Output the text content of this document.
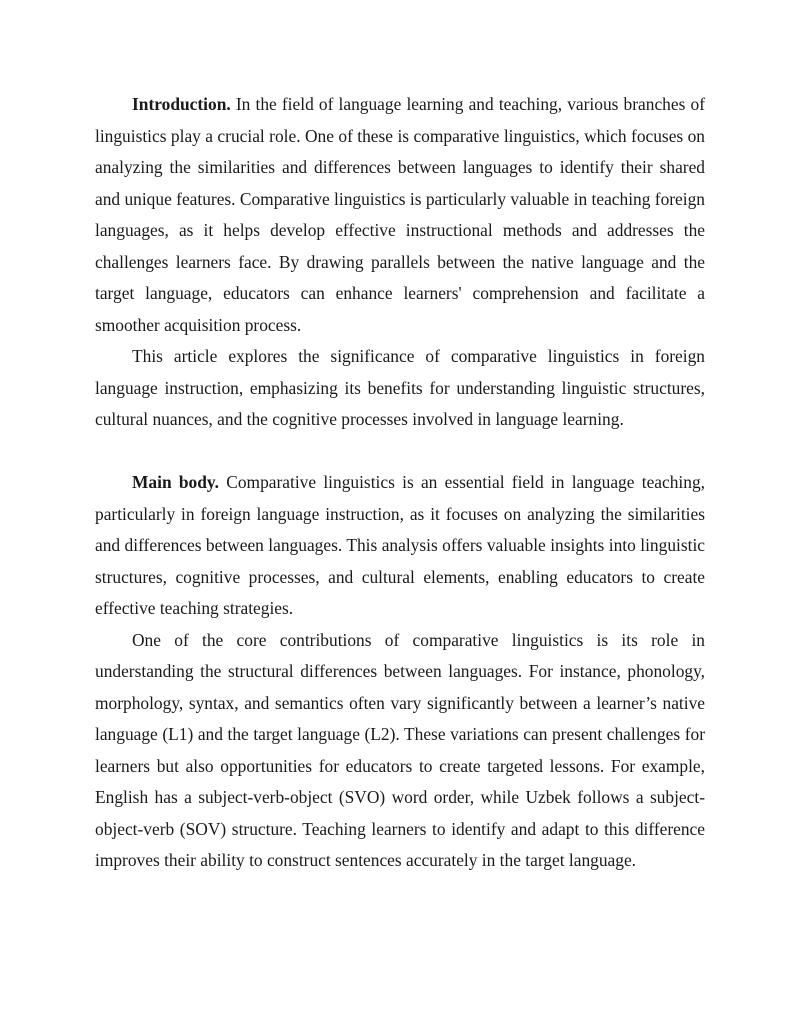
Introduction. In the field of language learning and teaching, various branches of linguistics play a crucial role. One of these is comparative linguistics, which focuses on analyzing the similarities and differences between languages to identify their shared and unique features. Comparative linguistics is particularly valuable in teaching foreign languages, as it helps develop effective instructional methods and addresses the challenges learners face. By drawing parallels between the native language and the target language, educators can enhance learners' comprehension and facilitate a smoother acquisition process.

This article explores the significance of comparative linguistics in foreign language instruction, emphasizing its benefits for understanding linguistic structures, cultural nuances, and the cognitive processes involved in language learning.

Main body. Comparative linguistics is an essential field in language teaching, particularly in foreign language instruction, as it focuses on analyzing the similarities and differences between languages. This analysis offers valuable insights into linguistic structures, cognitive processes, and cultural elements, enabling educators to create effective teaching strategies.

One of the core contributions of comparative linguistics is its role in understanding the structural differences between languages. For instance, phonology, morphology, syntax, and semantics often vary significantly between a learner’s native language (L1) and the target language (L2). These variations can present challenges for learners but also opportunities for educators to create targeted lessons. For example, English has a subject-verb-object (SVO) word order, while Uzbek follows a subject-object-verb (SOV) structure. Teaching learners to identify and adapt to this difference improves their ability to construct sentences accurately in the target language.
